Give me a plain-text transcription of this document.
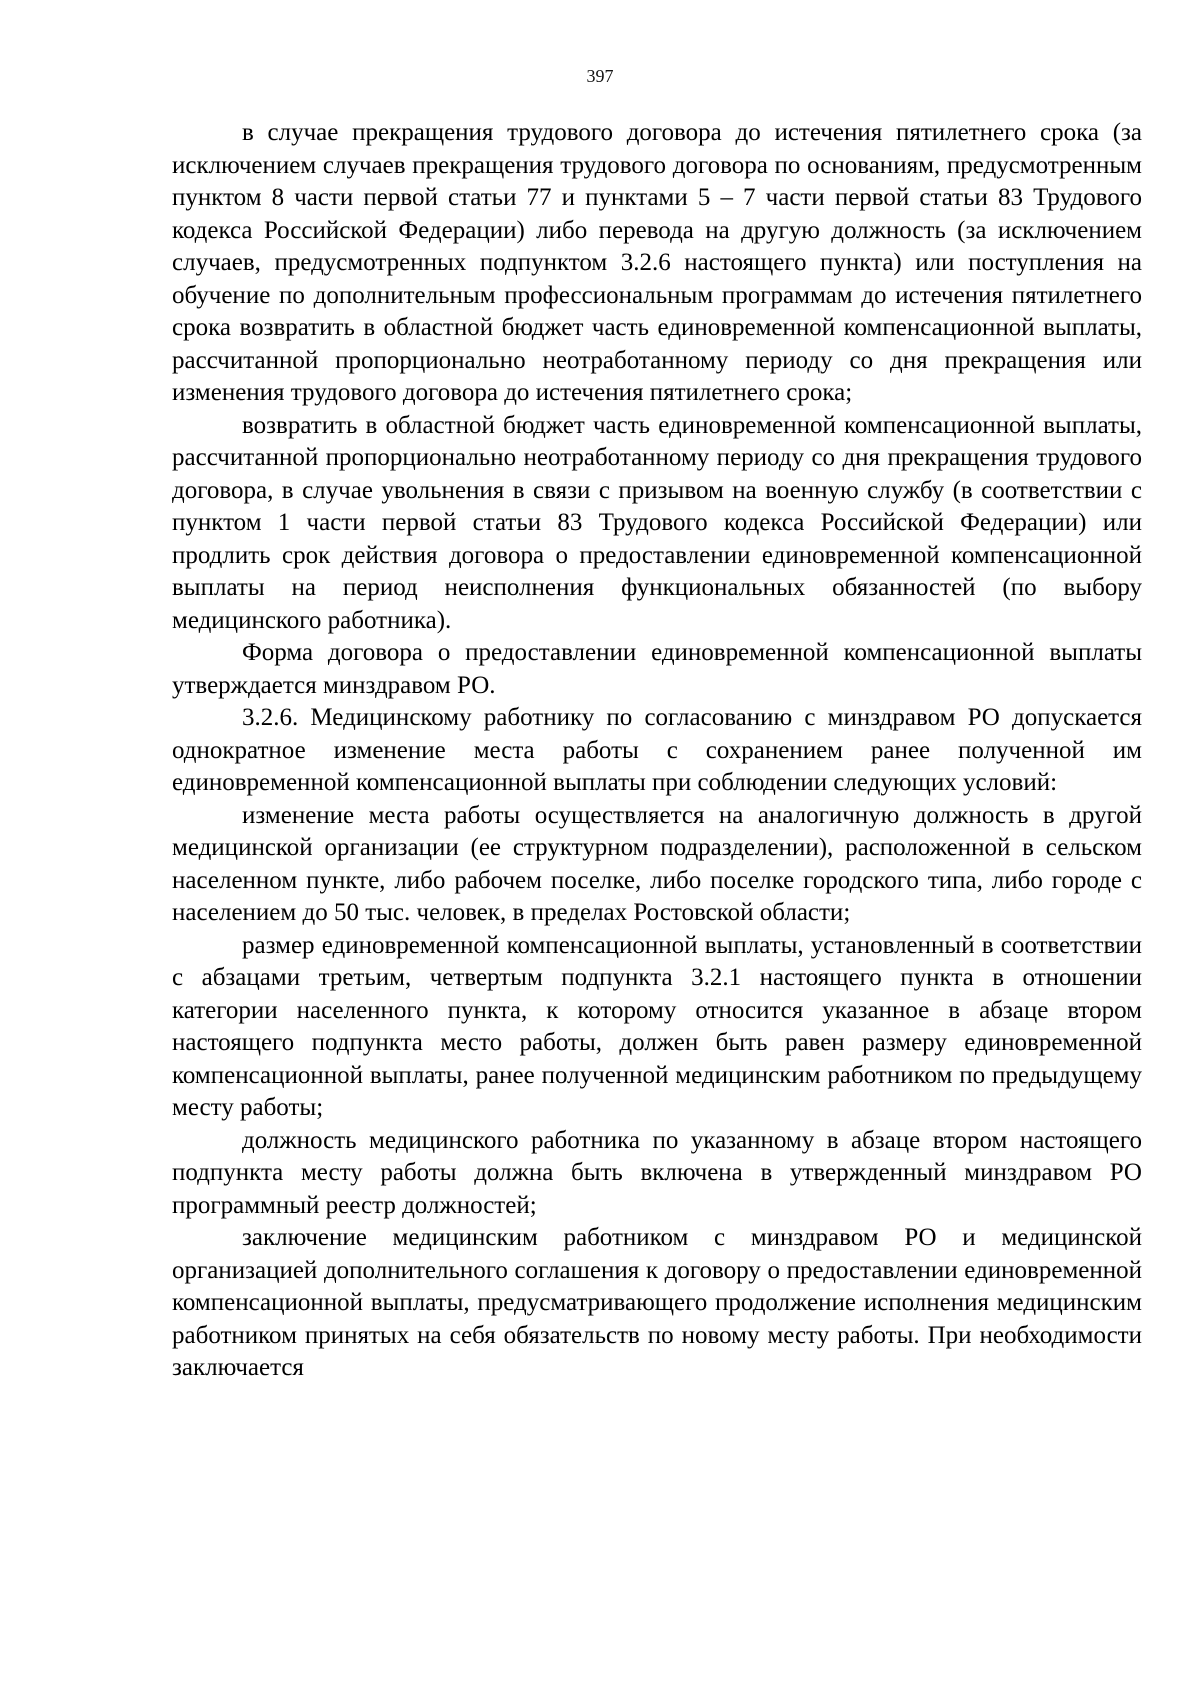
397

в случае прекращения трудового договора до истечения пятилетнего срока (за исключением случаев прекращения трудового договора по основаниям, предусмотренным пунктом 8 части первой статьи 77 и пунктами 5 – 7 части первой статьи 83 Трудового кодекса Российской Федерации) либо перевода на другую должность (за исключением случаев, предусмотренных подпунктом 3.2.6 настоящего пункта) или поступления на обучение по дополнительным профессиональным программам до истечения пятилетнего срока возвратить в областной бюджет часть единовременной компенсационной выплаты, рассчитанной пропорционально неотработанному периоду со дня прекращения или изменения трудового договора до истечения пятилетнего срока;

возвратить в областной бюджет часть единовременной компенсационной выплаты, рассчитанной пропорционально неотработанному периоду со дня прекращения трудового договора, в случае увольнения в связи с призывом на военную службу (в соответствии с пунктом 1 части первой статьи 83 Трудового кодекса Российской Федерации) или продлить срок действия договора о предоставлении единовременной компенсационной выплаты на период неисполнения функциональных обязанностей (по выбору медицинского работника).

Форма договора о предоставлении единовременной компенсационной выплаты утверждается минздравом РО.

3.2.6. Медицинскому работнику по согласованию с минздравом РО допускается однократное изменение места работы с сохранением ранее полученной им единовременной компенсационной выплаты при соблюдении следующих условий:

изменение места работы осуществляется на аналогичную должность в другой медицинской организации (ее структурном подразделении), расположенной в сельском населенном пункте, либо рабочем поселке, либо поселке городского типа, либо городе с населением до 50 тыс. человек, в пределах Ростовской области;

размер единовременной компенсационной выплаты, установленный в соответствии с абзацами третьим, четвертым подпункта 3.2.1 настоящего пункта в отношении категории населенного пункта, к которому относится указанное в абзаце втором настоящего подпункта место работы, должен быть равен размеру единовременной компенсационной выплаты, ранее полученной медицинским работником по предыдущему месту работы;

должность медицинского работника по указанному в абзаце втором настоящего подпункта месту работы должна быть включена в утвержденный минздравом РО программный реестр должностей;

заключение медицинским работником с минздравом РО и медицинской организацией дополнительного соглашения к договору о предоставлении единовременной компенсационной выплаты, предусматривающего продолжение исполнения медицинским работником принятых на себя обязательств по новому месту работы. При необходимости заключается
